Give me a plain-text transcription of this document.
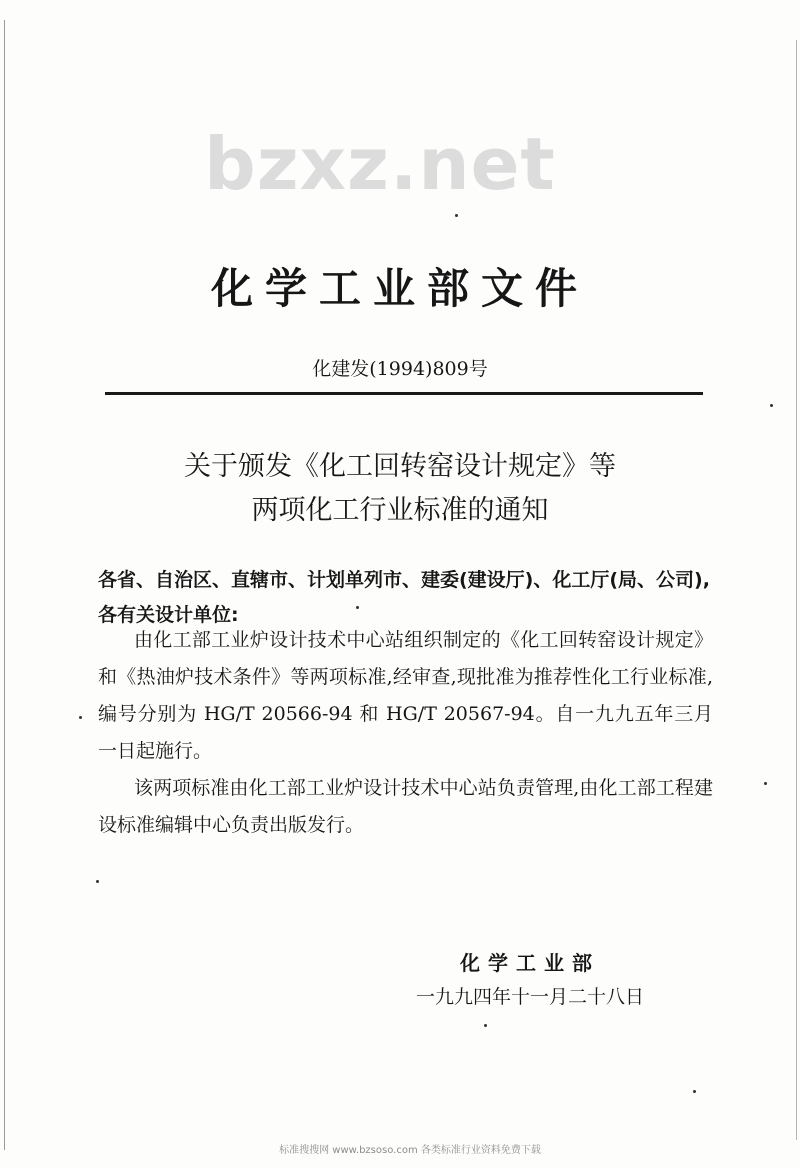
bzxz.net
化学工业部文件
化建发(1994)809号
关于颁发《化工回转窑设计规定》等
两项化工行业标准的通知
各省、自治区、直辖市、计划单列市、建委(建设厅)、化工厅(局、公司),各有关设计单位:

由化工部工业炉设计技术中心站组织制定的《化工回转窑设计规定》和《热油炉技术条件》等两项标准,经审查,现批准为推荐性化工行业标准,编号分别为 HG/T 20566-94 和 HG/T 20567-94。自一九九五年三月一日起施行。

该两项标准由化工部工业炉设计技术中心站负责管理,由化工部工程建设标准编辑中心负责出版发行。

化学工业部
一九九四年十一月二十八日
标准搜搜网 www.bzsoso.com 各类标准行业资料免费下载
